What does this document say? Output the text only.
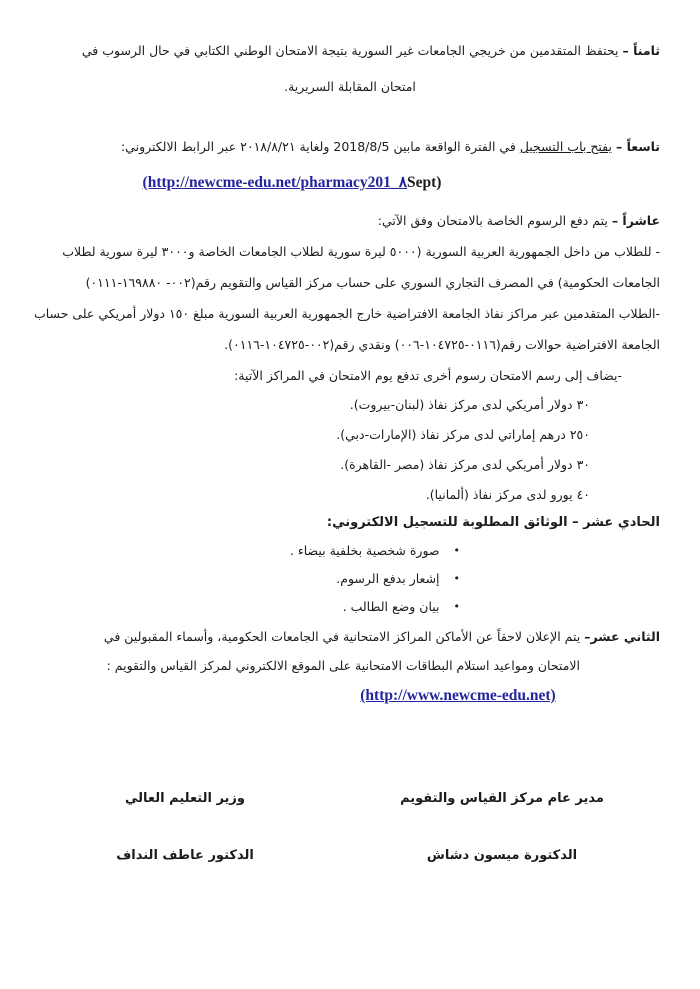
ثامناً – يحتفظ المتقدمين من خريجي الجامعات غير السورية بتيجة الامتحان الوطني الكتابي في حال الرسوب في
امتحان المقابلة السريرية.
تاسعاً – يفتح باب التسجيل في الفترة الواقعة مابين 2018/8/5 ولغاية ٢٠١٨/٨/٢١ عبر الرابط الالكتروني:
(http://newcme-edu.net/pharmacy201_٨Sept)
عاشراً – يتم دفع الرسوم الخاصة بالامتحان وفق الآتي:
- للطلاب من داخل الجمهورية العربية السورية (٥٠٠٠ ليرة سورية لطلاب الجامعات الخاصة و٣٠٠٠ ليرة سورية لطلاب
الجامعات الحكومية) في المصرف التجاري السوري على حساب مركز القياس والتقويم رقم(٠٠٢- ١٦٩٨٨٠-٠١١١)
-الطلاب المتقدمين عبر مراكز نفاذ الجامعة الافتراضية خارج الجمهورية العربية السورية مبلغ ١٥٠ دولار أمريكي على حساب
الجامعة الافتراضية حوالات رقم(٠١١٦-١٠٤٧٢٥-٠٠٦) ونقدي رقم(٠٠٢-١٠٤٧٢٥-٠١١٦).
-يضاف إلى رسم الامتحان رسوم أخرى تدفع يوم الامتحان في المراكز الآتية:
٣٠ دولار أمريكي لدى مركز نفاذ (لبنان-بيروت).
٢٥٠ درهم إماراتي لدى مركز نفاذ (الإمارات-دبي).
٣٠ دولار أمريكي لدى مركز نفاذ (مصر -القاهرة).
٤٠ يورو لدى مركز نفاذ (ألمانيا).
الحادي عشر – الوثائق المطلوبة للتسجيل الالكتروني:
• صورة شخصية بخلفية بيضاء .
• إشعار بدفع الرسوم.
• بيان وضع الطالب .
الثاني عشر– يتم الإعلان لاحقاً عن الأماكن المراكز الامتحانية في الجامعات الحكومية، وأسماء المقبولين في
الامتحان ومواعيد استلام البطاقات الامتحانية على الموقع الالكتروني لمركز القياس والتقويم :
(http://www.newcme-edu.net)
مدير عام مركز القياس والتقويم
وزير التعليم العالي
الدكتورة ميسون دشاش
الدكتور عاطف النداف
